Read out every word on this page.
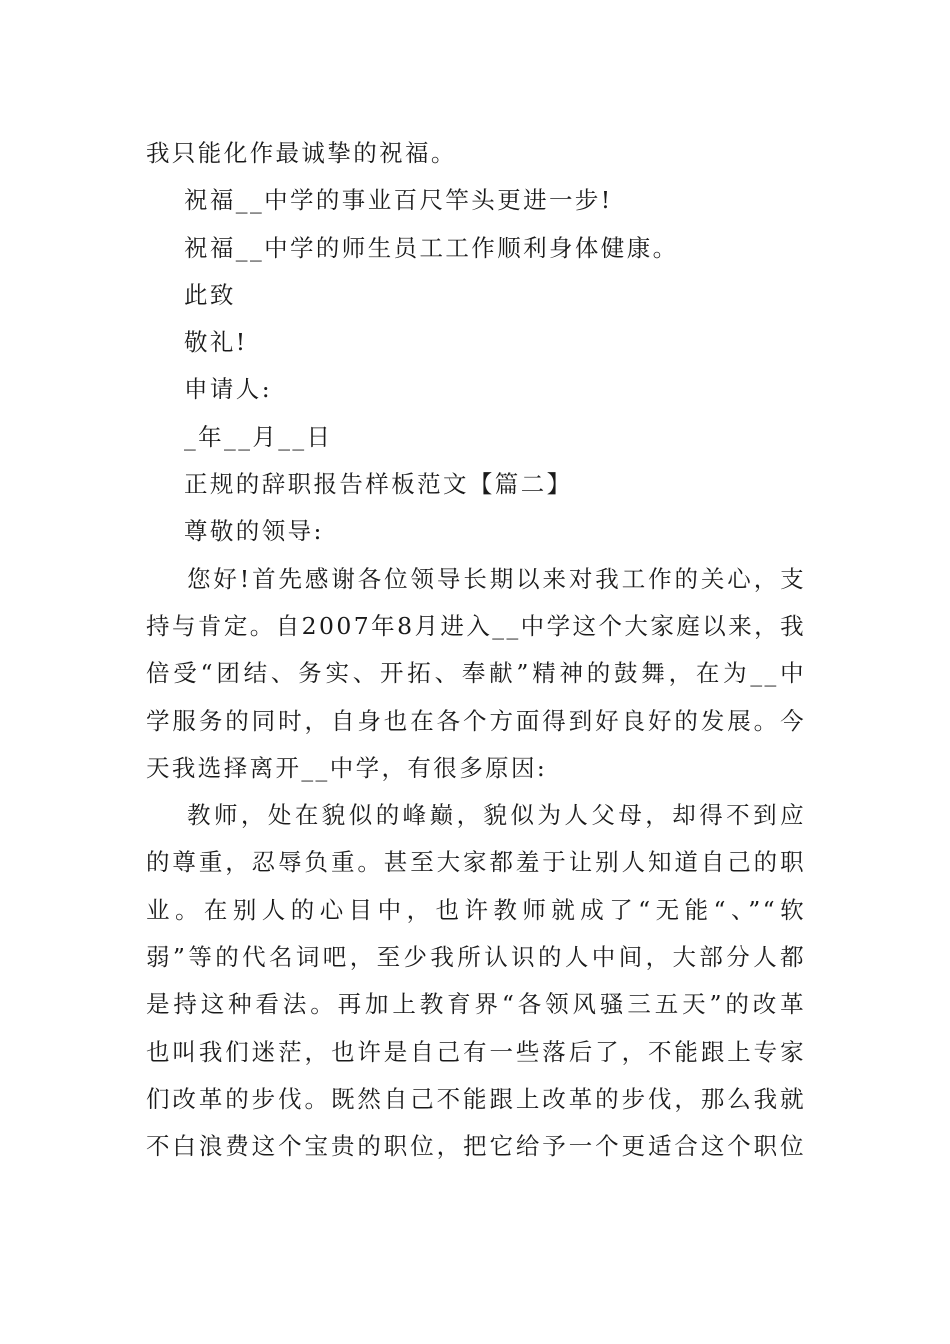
我只能化作最诚挚的祝福。
祝福__中学的事业百尺竿头更进一步!
祝福__中学的师生员工工作顺利身体健康。
此致
敬礼!
申请人:
_年__月__日
正规的辞职报告样板范文【篇二】
尊敬的领导:
您好!首先感谢各位领导长期以来对我工作的关心，支
持与肯定。自2007年8月进入__中学这个大家庭以来，我
倍受“团结、务实、开拓、奉献”精神的鼓舞，在为__中
学服务的同时，自身也在各个方面得到好良好的发展。今
天我选择离开__中学，有很多原因:
教师，处在貌似的峰巅，貌似为人父母，却得不到应
的尊重，忍辱负重。甚至大家都羞于让别人知道自己的职
业。在别人的心目中，也许教师就成了“无能“、”“软
弱”等的代名词吧，至少我所认识的人中间，大部分人都
是持这种看法。再加上教育界“各领风骚三五天”的改革
也叫我们迷茫，也许是自己有一些落后了，不能跟上专家
们改革的步伐。既然自己不能跟上改革的步伐，那么我就
不白浪费这个宝贵的职位，把它给予一个更适合这个职位
